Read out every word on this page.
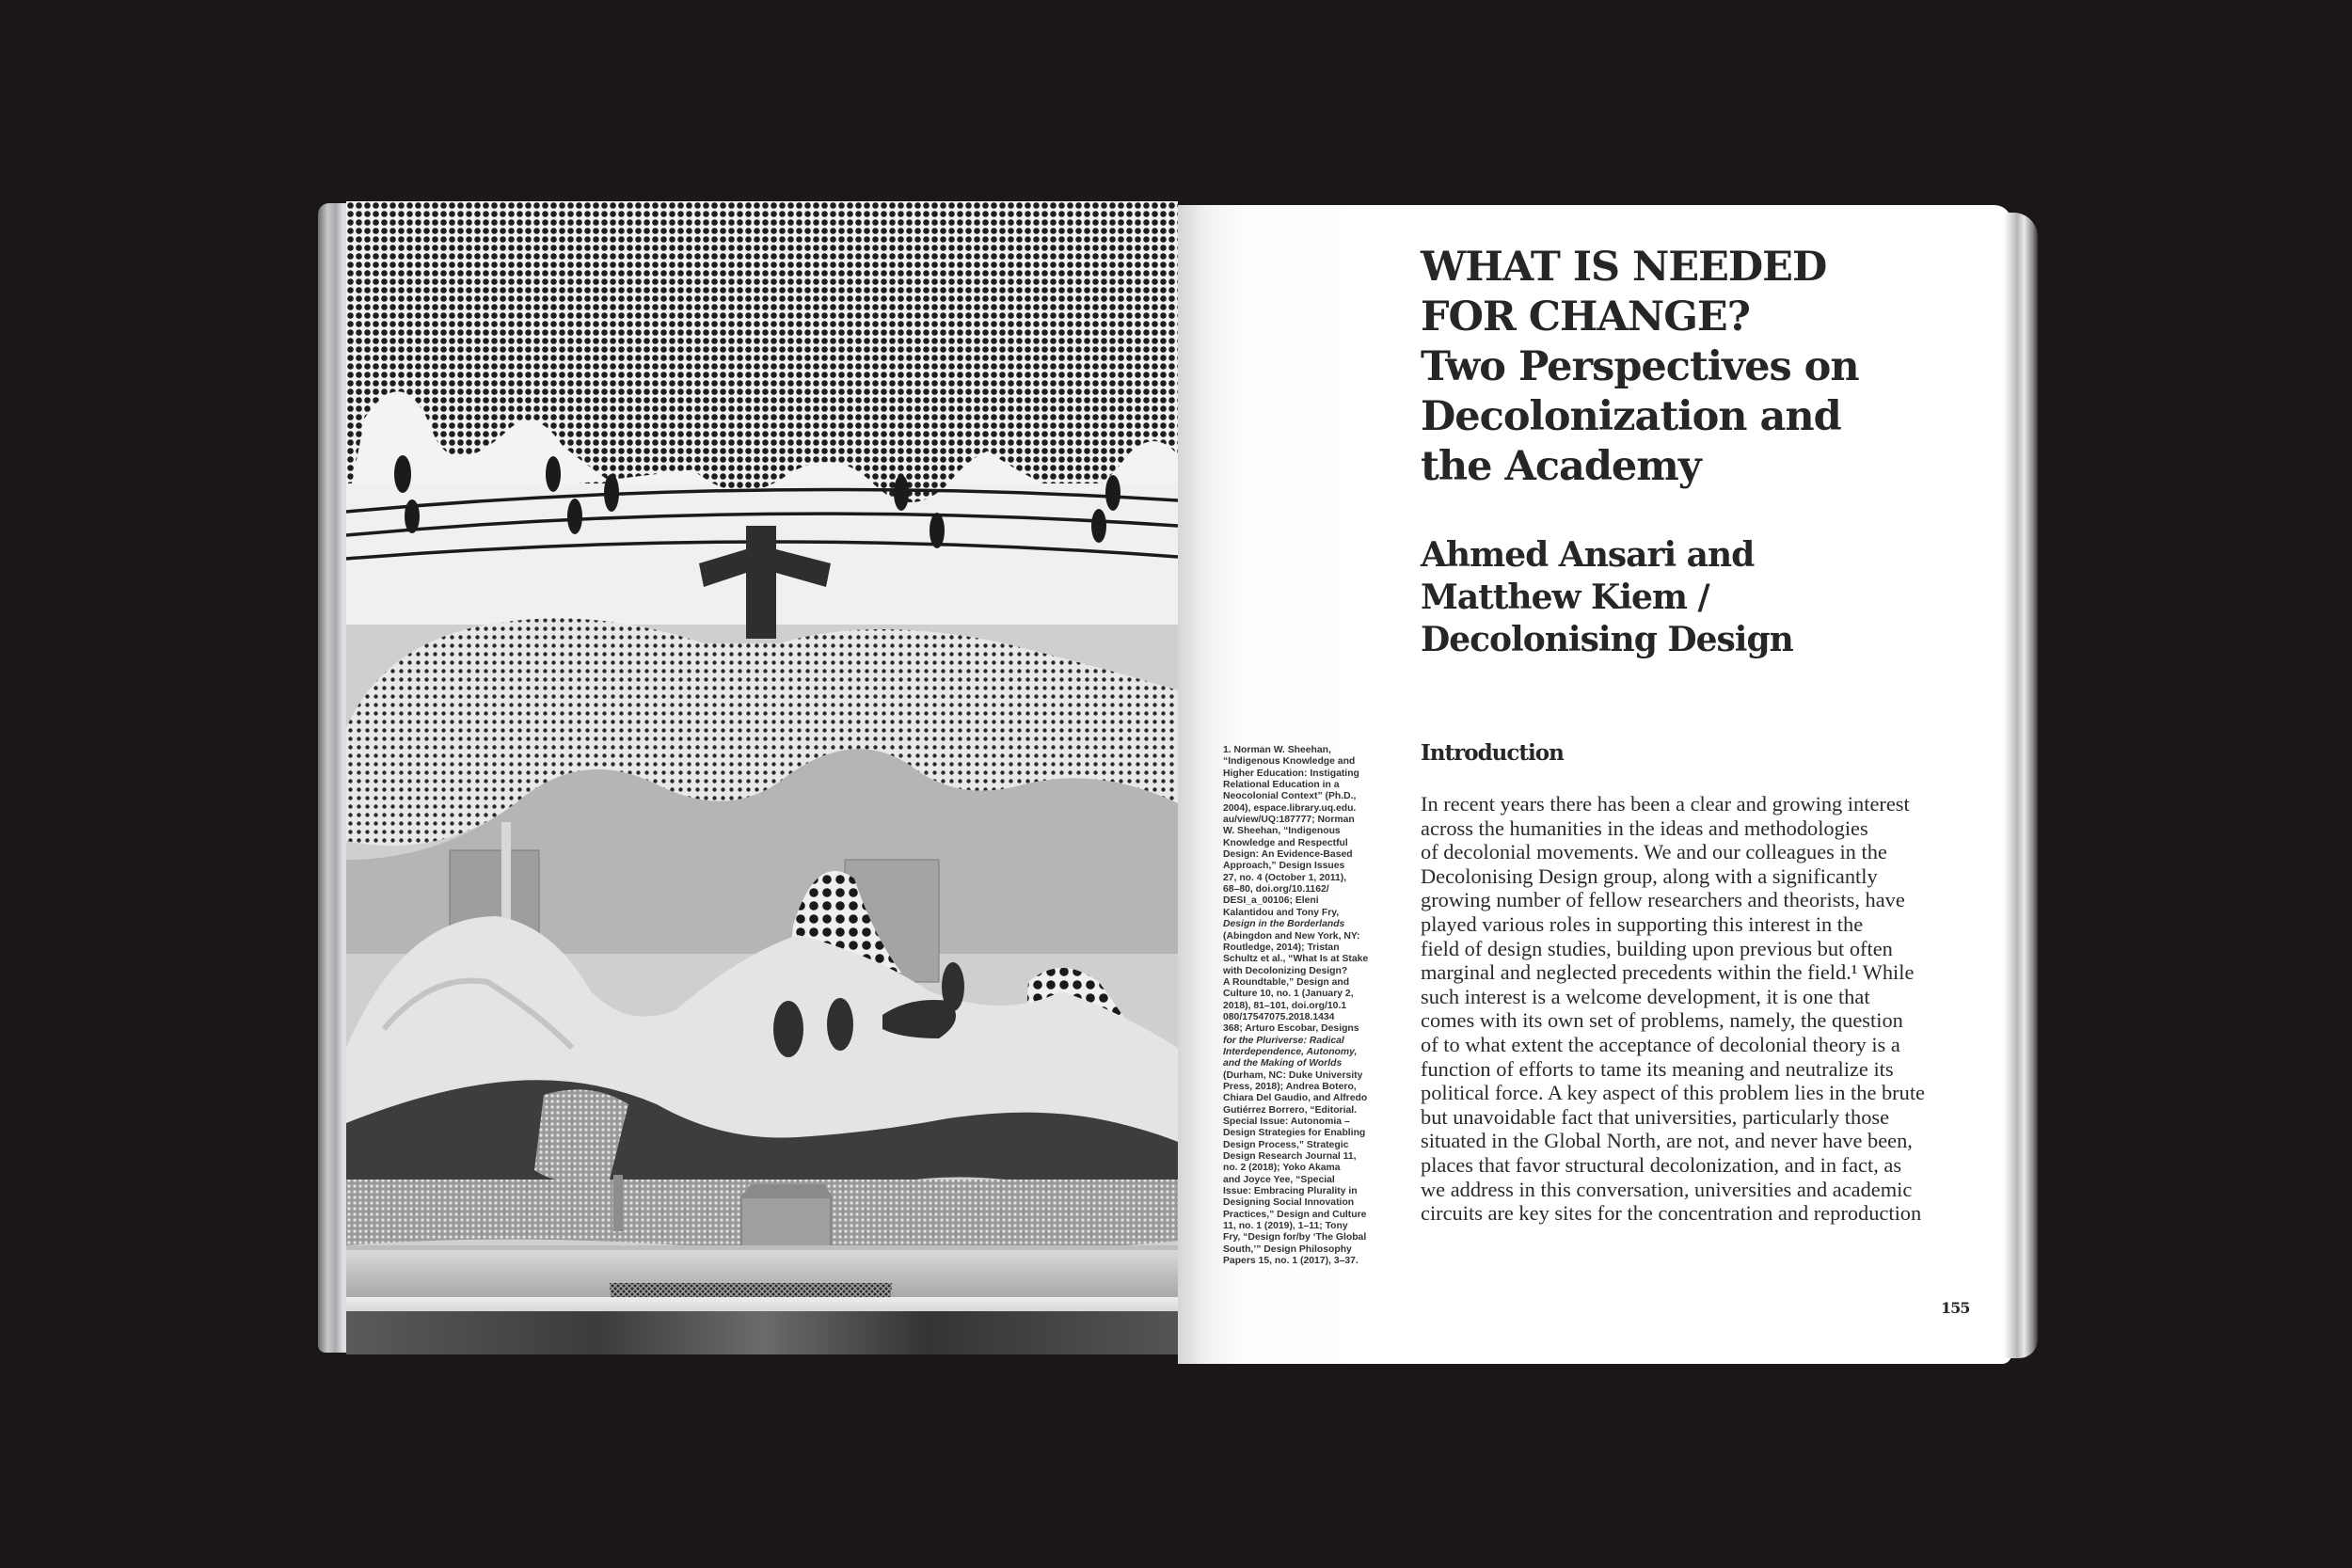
WHAT IS NEEDED
FOR CHANGE?
Two Perspectives on
Decolonization and
the Academy
Ahmed Ansari and
Matthew Kiem /
Decolonising Design
Introduction
In recent years there has been a clear and growing interest
across the humanities in the ideas and methodologies
of decolonial movements. We and our colleagues in the
Decolonising Design group, along with a significantly
growing number of fellow researchers and theorists, have
played various roles in supporting this interest in the
field of design studies, building upon previous but often
marginal and neglected precedents within the field.¹ While
such interest is a welcome development, it is one that
comes with its own set of problems, namely, the question
of to what extent the acceptance of decolonial theory is a
function of efforts to tame its meaning and neutralize its
political force. A key aspect of this problem lies in the brute
but unavoidable fact that universities, particularly those
situated in the Global North, are not, and never have been,
places that favor structural decolonization, and in fact, as
we address in this conversation, universities and academic
circuits are key sites for the concentration and reproduction
1. Norman W. Sheehan,
“Indigenous Knowledge and
Higher Education: Instigating
Relational Education in a
Neocolonial Context” (Ph.D.,
2004), espace.library.uq.edu.
au/view/UQ:187777; Norman
W. Sheehan, “Indigenous
Knowledge and Respectful
Design: An Evidence-Based
Approach,” Design Issues
27, no. 4 (October 1, 2011),
68–80, doi.org/10.1162/
DESI_a_00106; Eleni
Kalantidou and Tony Fry,
Design in the Borderlands
(Abingdon and New York, NY:
Routledge, 2014); Tristan
Schultz et al., “What Is at Stake
with Decolonizing Design?
A Roundtable,” Design and
Culture 10, no. 1 (January 2,
2018), 81–101, doi.org/10.1
080/17547075.2018.1434
368; Arturo Escobar, Designs
for the Pluriverse: Radical
Interdependence, Autonomy,
and the Making of Worlds
(Durham, NC: Duke University
Press, 2018); Andrea Botero,
Chiara Del Gaudio, and Alfredo
Gutiérrez Borrero, “Editorial.
Special Issue: Autonomia –
Design Strategies for Enabling
Design Process,” Strategic
Design Research Journal 11,
no. 2 (2018); Yoko Akama
and Joyce Yee, “Special
Issue: Embracing Plurality in
Designing Social Innovation
Practices,” Design and Culture
11, no. 1 (2019), 1–11; Tony
Fry, “Design for/by ‘The Global
South,’” Design Philosophy
Papers 15, no. 1 (2017), 3–37.
155
